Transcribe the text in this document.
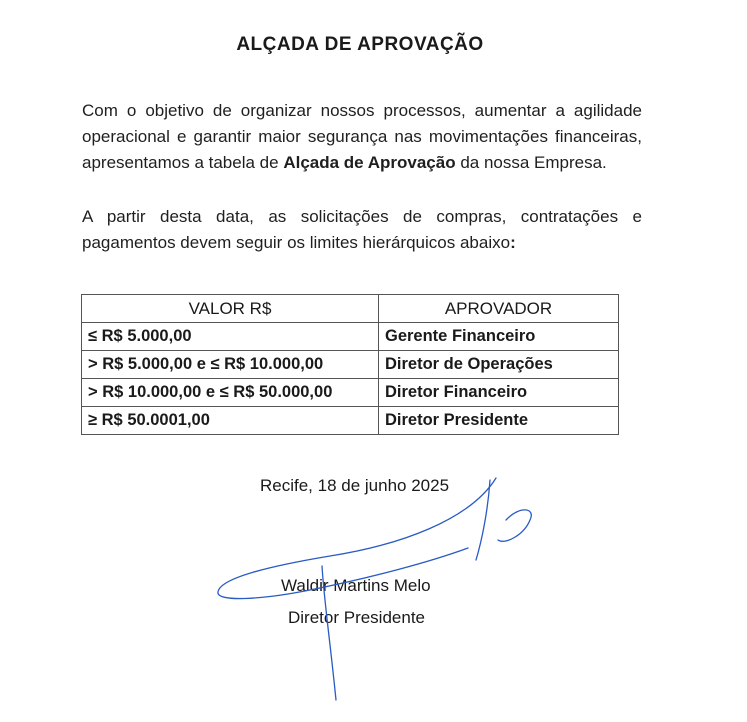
ALÇADA DE APROVAÇÃO
Com o objetivo de organizar nossos processos, aumentar a agilidade operacional e garantir maior segurança nas movimentações financeiras, apresentamos a tabela de Alçada de Aprovação da nossa Empresa.
A partir desta data, as solicitações de compras, contratações e pagamentos devem seguir os limites hierárquicos abaixo:
VALOR R$	APROVADOR
≤ R$ 5.000,00	Gerente Financeiro
> R$ 5.000,00 e ≤ R$ 10.000,00	Diretor de Operações
> R$ 10.000,00 e ≤ R$ 50.000,00	Diretor Financeiro
≥ R$ 50.0001,00	Diretor Presidente
Recife, 18 de junho 2025
Waldir Martins Melo
Diretor Presidente
